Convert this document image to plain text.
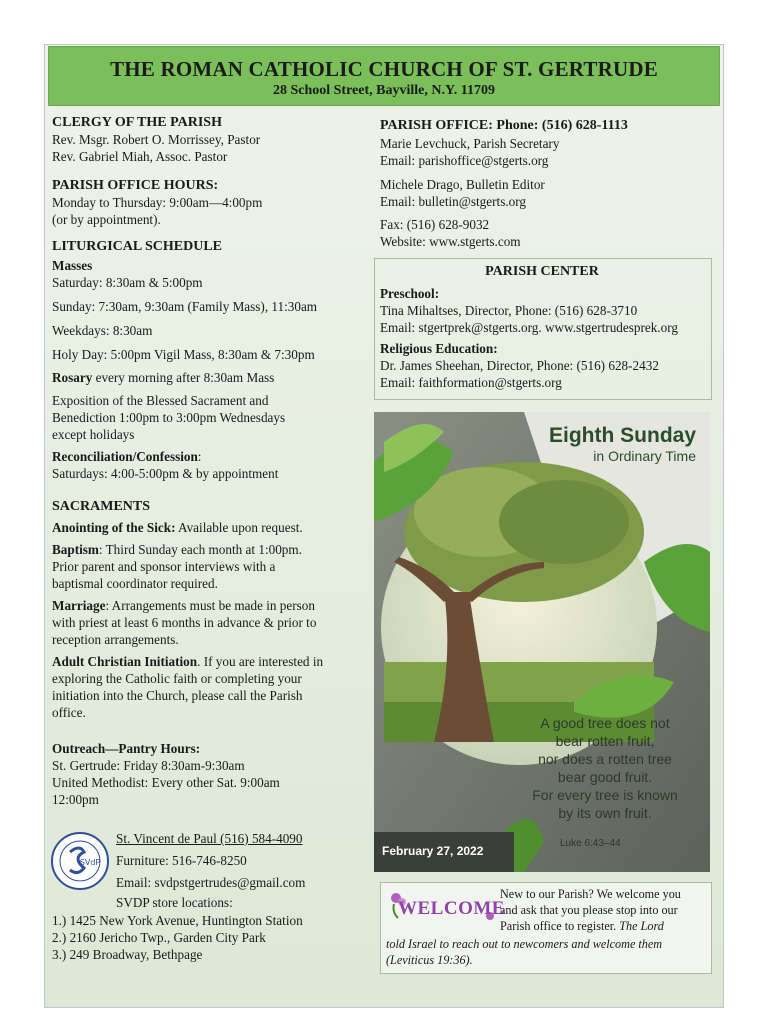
THE ROMAN CATHOLIC CHURCH OF ST. GERTRUDE
28 School Street, Bayville, N.Y. 11709
CLERGY OF THE PARISH
Rev. Msgr. Robert O. Morrissey, Pastor
Rev. Gabriel Miah, Assoc. Pastor
PARISH OFFICE HOURS:
Monday to Thursday: 9:00am—4:00pm
(or by appointment).
LITURGICAL SCHEDULE
Masses
Saturday: 8:30am & 5:00pm
Sunday: 7:30am, 9:30am (Family Mass), 11:30am
Weekdays: 8:30am
Holy Day: 5:00pm Vigil Mass, 8:30am & 7:30pm
Rosary every morning after 8:30am Mass
Exposition of the Blessed Sacrament and
Benediction 1:00pm to 3:00pm Wednesdays
except holidays
Reconciliation/Confession:
Saturdays: 4:00-5:00pm & by appointment
SACRAMENTS
Anointing of the Sick: Available upon request.
Baptism: Third Sunday each month at 1:00pm.
Prior parent and sponsor interviews with a
baptismal coordinator required.
Marriage: Arrangements must be made in person
with priest at least 6 months in advance & prior to
reception arrangements.
Adult Christian Initiation. If you are interested in
exploring the Catholic faith or completing your
initiation into the Church, please call the Parish
office.
Outreach—Pantry Hours:
St. Gertrude: Friday 8:30am-9:30am
United Methodist: Every other Sat. 9:00am
12:00pm
SVdP
St. Vincent de Paul (516) 584-4090
Furniture: 516-746-8250
Email: svdpstgertrudes@gmail.com
SVDP store locations:
1.) 1425 New York Avenue, Huntington Station
2.) 2160 Jericho Twp., Garden City Park
3.) 249 Broadway, Bethpage
PARISH OFFICE: Phone: (516) 628-1113
Marie Levchuck, Parish Secretary
Email: parishoffice@stgerts.org
Michele Drago, Bulletin Editor
Email: bulletin@stgerts.org
Fax: (516) 628-9032
Website: www.stgerts.com
PARISH CENTER
Preschool:
Tina Mihaltses, Director, Phone: (516) 628-3710
Email: stgertprek@stgerts.org. www.stgertrudesprek.org
Religious Education:
Dr. James Sheehan, Director, Phone: (516) 628-2432
Email: faithformation@stgerts.org
Eighth Sunday
in Ordinary Time
A good tree does not
bear rotten fruit,
nor does a rotten tree
bear good fruit.
For every tree is known
by its own fruit.
Luke 6:43–44
February 27, 2022
WELCOME
New to our Parish? We welcome you
and ask that you please stop into our
Parish office to register. The Lord
told Israel to reach out to newcomers and welcome them
(Leviticus 19:36).
